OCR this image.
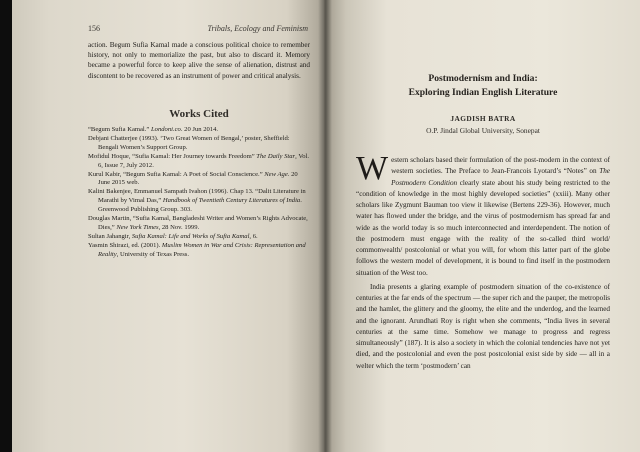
156	Tribals, Ecology and Feminism
action. Begum Sufia Kamal made a conscious political choice to remember history, not only to memorialize the past, but also to discard it. Memory became a powerful force to keep alive the sense of alienation, distrust and discontent to be recovered as an instrument of power and critical analysis.
Works Cited
“Begum Sufia Kamal.” Londoni.co. 20 Jun 2014.
Debjani Chatterjee (1993). ‘Two Great Women of Bengal,’ poster, Sheffield: Bengali Women’s Support Group.
Mofidul Hoque, “Sufia Kamal: Her Journey towards Freedom” The Daily Star, Vol. 6, Issue 7, July 2012.
Kurul Kabir, “Begum Sufia Kamal: A Poet of Social Conscience.” New Age. 20 June 2015 web.
Kalini Bakenjee, Emmanuel Sampath Ivahon (1996). Chap 13. “Dalit Literature in Marathi by Vimal Das,” Handbook of Twentieth Century Literatures of India. Greenwood Publishing Group. 303.
Douglas Martin, “Sufia Kamal, Bangladeshi Writer and Women’s Rights Advocate, Dies,” New York Times, 28 Nov. 1999.
Sultan Jahangir, Sufia Kamal: Life and Works of Sufia Kamal, 6.
Yasmin Shirazi, ed. (2001). Muslim Women in War and Crisis: Representation and Reality, University of Texas Press.
Postmodernism and India:
Exploring Indian English Literature
JAGDISH BATRA
O.P. Jindal Global University, Sonepat

Western scholars based their formulation of the post-modern in the context of western societies. The Preface to Jean-Francois Lyotard’s “Notes” on The Postmodern Condition clearly state about his study being restricted to the “condition of knowledge in the most highly developed societies” (xxiii). Many other scholars like Zygmunt Bauman too view it likewise (Bertens 229-36). However, much water has flowed under the bridge, and the virus of postmodernism has spread far and wide as the world today is so much interconnected and interdependent. The notion of the postmodern must engage with the reality of the so-called third world/ commonwealth/ postcolonial or what you will, for whom this latter part of the globe follows the western model of development, it is bound to find itself in the postmodern situation of the West too.

India presents a glaring example of postmodern situation of the co-existence of centuries at the far ends of the spectrum — the super rich and the pauper, the metropolis and the hamlet, the glittery and the gloomy, the elite and the underdog, and the learned and the ignorant. Arundhati Roy is right when she comments, “India lives in several centuries at the same time. Somehow we manage to progress and regress simultaneously” (187). It is also a society in which the colonial tendencies have not yet died, and the postcolonial and even the post postcolonial exist side by side — all in a welter which the term ‘postmodern’ can
